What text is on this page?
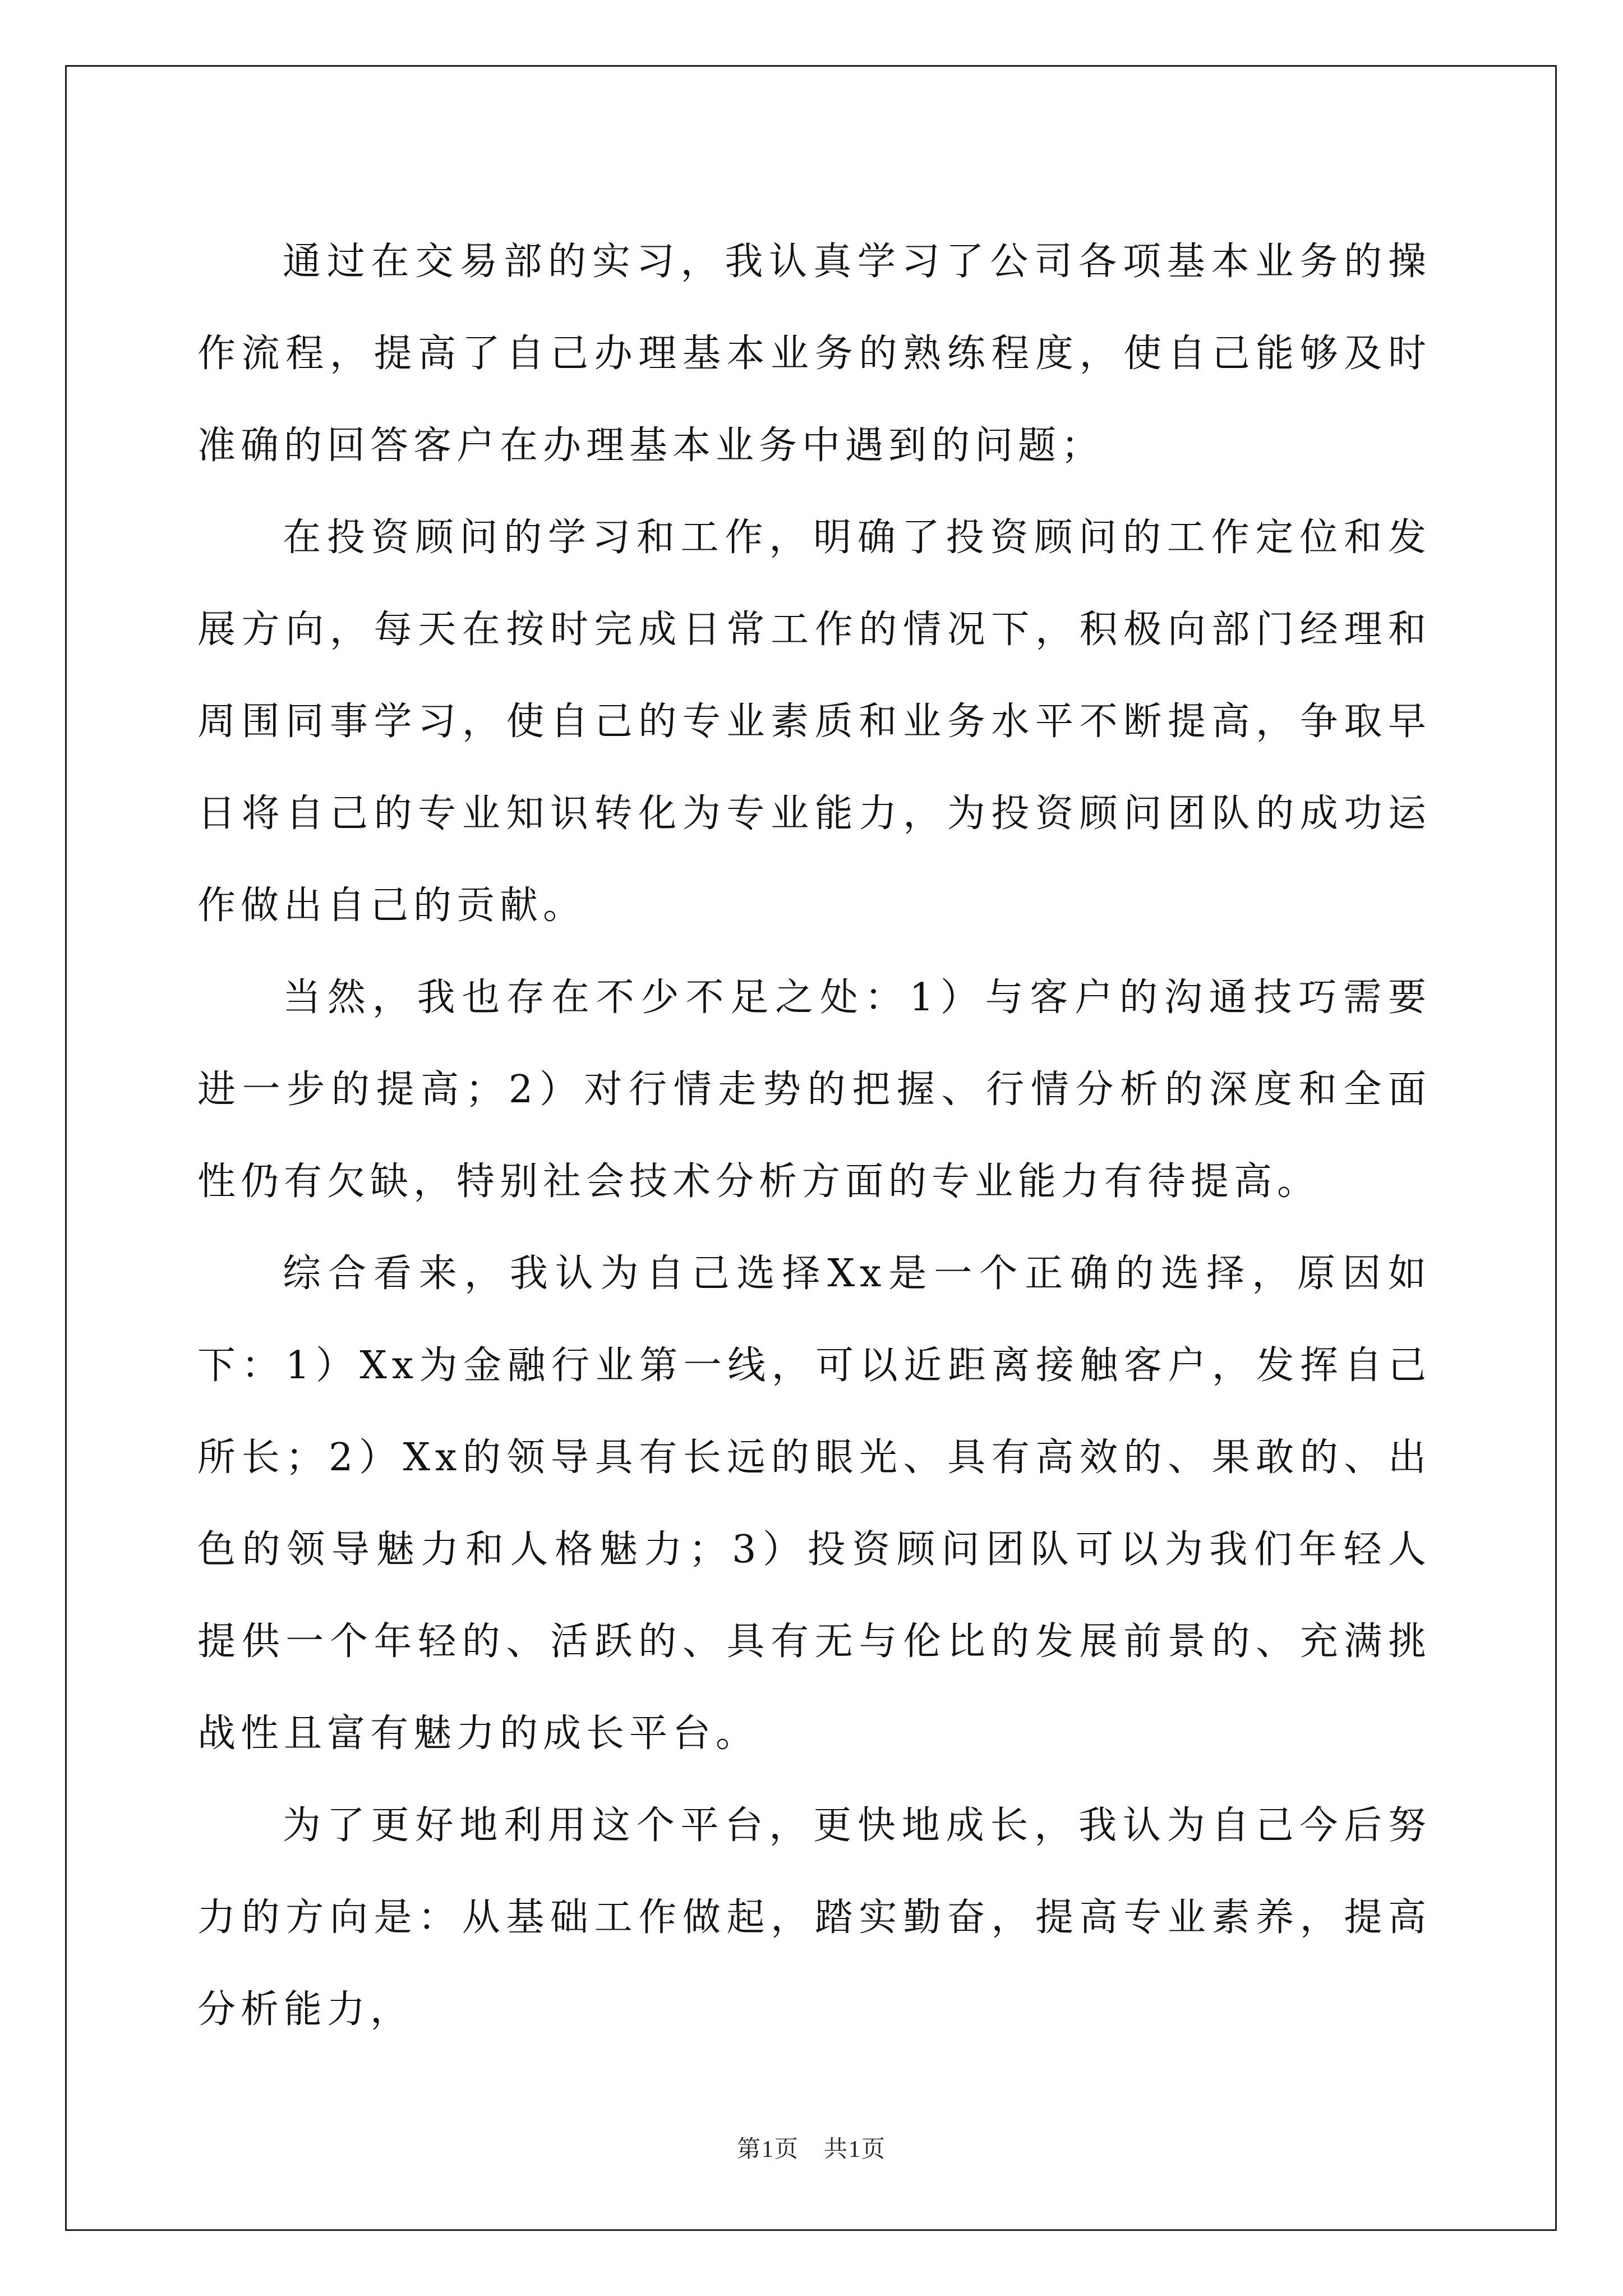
通过在交易部的实习，我认真学习了公司各项基本业务的操作流程，提高了自己办理基本业务的熟练程度，使自己能够及时准确的回答客户在办理基本业务中遇到的问题；

在投资顾问的学习和工作，明确了投资顾问的工作定位和发展方向，每天在按时完成日常工作的情况下，积极向部门经理和周围同事学习，使自己的专业素质和业务水平不断提高，争取早日将自己的专业知识转化为专业能力，为投资顾问团队的成功运作做出自己的贡献。

当然，我也存在不少不足之处：1）与客户的沟通技巧需要进一步的提高；2）对行情走势的把握、行情分析的深度和全面性仍有欠缺，特别社会技术分析方面的专业能力有待提高。

综合看来，我认为自己选择Xx是一个正确的选择，原因如下：1）Xx为金融行业第一线，可以近距离接触客户，发挥自己所长；2）Xx的领导具有长远的眼光、具有高效的、果敢的、出色的领导魅力和人格魅力；3）投资顾问团队可以为我们年轻人提供一个年轻的、活跃的、具有无与伦比的发展前景的、充满挑战性且富有魅力的成长平台。

为了更好地利用这个平台，更快地成长，我认为自己今后努力的方向是：从基础工作做起，踏实勤奋，提高专业素养，提高分析能力，

第1页　共1页
